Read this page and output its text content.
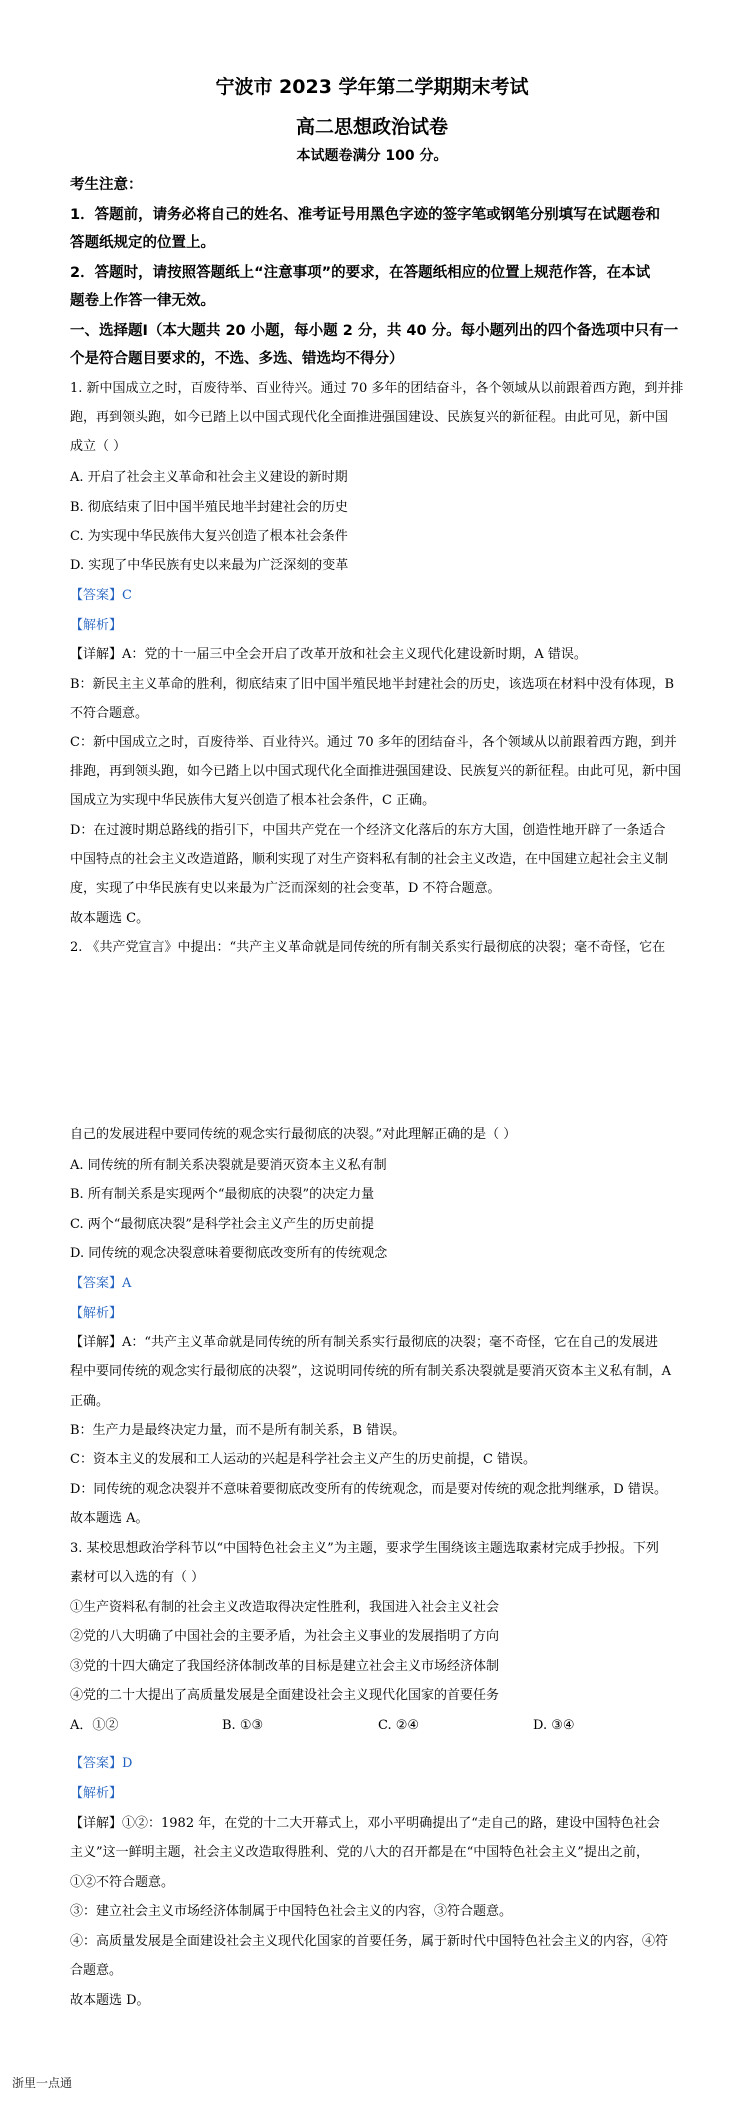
宁波市 2023 学年第二学期期末考试
高二思想政治试卷
本试题卷满分 100 分。
考生注意：
1．答题前，请务必将自己的姓名、准考证号用黑色字迹的签字笔或钢笔分别填写在试题卷和
答题纸规定的位置上。
2．答题时，请按照答题纸上“注意事项”的要求，在答题纸相应的位置上规范作答，在本试
题卷上作答一律无效。
一、选择题Ⅰ（本大题共 20 小题，每小题 2 分，共 40 分。每小题列出的四个备选项中只有一
个是符合题目要求的，不选、多选、错选均不得分）
1. 新中国成立之时，百废待举、百业待兴。通过 70 多年的团结奋斗，各个领域从以前跟着西方跑，到并排
跑，再到领头跑，如今已踏上以中国式现代化全面推进强国建设、民族复兴的新征程。由此可见，新中国
成立（ ）
A. 开启了社会主义革命和社会主义建设的新时期
B. 彻底结束了旧中国半殖民地半封建社会的历史
C. 为实现中华民族伟大复兴创造了根本社会条件
D. 实现了中华民族有史以来最为广泛深刻的变革
【答案】C
【解析】
【详解】A：党的十一届三中全会开启了改革开放和社会主义现代化建设新时期，A 错误。
B：新民主主义革命的胜利，彻底结束了旧中国半殖民地半封建社会的历史，该选项在材料中没有体现，B
不符合题意。
C：新中国成立之时，百废待举、百业待兴。通过 70 多年的团结奋斗，各个领域从以前跟着西方跑，到并
排跑，再到领头跑，如今已踏上以中国式现代化全面推进强国建设、民族复兴的新征程。由此可见，新中国
国成立为实现中华民族伟大复兴创造了根本社会条件，C 正确。
D：在过渡时期总路线的指引下，中国共产党在一个经济文化落后的东方大国，创造性地开辟了一条适合
中国特点的社会主义改造道路，顺利实现了对生产资料私有制的社会主义改造，在中国建立起社会主义制
度，实现了中华民族有史以来最为广泛而深刻的社会变革，D 不符合题意。
故本题选 C。
2. 《共产党宣言》中提出：“共产主义革命就是同传统的所有制关系实行最彻底的决裂；毫不奇怪，它在
自己的发展进程中要同传统的观念实行最彻底的决裂。”对此理解正确的是（ ）
A. 同传统的所有制关系决裂就是要消灭资本主义私有制
B. 所有制关系是实现两个“最彻底的决裂”的决定力量
C. 两个“最彻底决裂”是科学社会主义产生的历史前提
D. 同传统的观念决裂意味着要彻底改变所有的传统观念
【答案】A
【解析】
【详解】A：“共产主义革命就是同传统的所有制关系实行最彻底的决裂；毫不奇怪，它在自己的发展进
程中要同传统的观念实行最彻底的决裂”，这说明同传统的所有制关系决裂就是要消灭资本主义私有制，A
正确。
B：生产力是最终决定力量，而不是所有制关系，B 错误。
C：资本主义的发展和工人运动的兴起是科学社会主义产生的历史前提，C 错误。
D：同传统的观念决裂并不意味着要彻底改变所有的传统观念，而是要对传统的观念批判继承，D 错误。
故本题选 A。
3. 某校思想政治学科节以“中国特色社会主义”为主题，要求学生围绕该主题选取素材完成手抄报。下列
素材可以入选的有（ ）
①生产资料私有制的社会主义改造取得决定性胜利，我国进入社会主义社会
②党的八大明确了中国社会的主要矛盾，为社会主义事业的发展指明了方向
③党的十四大确定了我国经济体制改革的目标是建立社会主义市场经济体制
④党的二十大提出了高质量发展是全面建设社会主义现代化国家的首要任务
A．①②	B. ①③	C. ②④	D. ③④
【答案】D
【解析】
【详解】①②：1982 年，在党的十二大开幕式上，邓小平明确提出了“走自己的路，建设中国特色社会
主义”这一鲜明主题，社会主义改造取得胜利、党的八大的召开都是在“中国特色社会主义”提出之前，
①②不符合题意。
③：建立社会主义市场经济体制属于中国特色社会主义的内容，③符合题意。
④：高质量发展是全面建设社会主义现代化国家的首要任务，属于新时代中国特色社会主义的内容，④符
合题意。
故本题选 D。
浙里一点通
